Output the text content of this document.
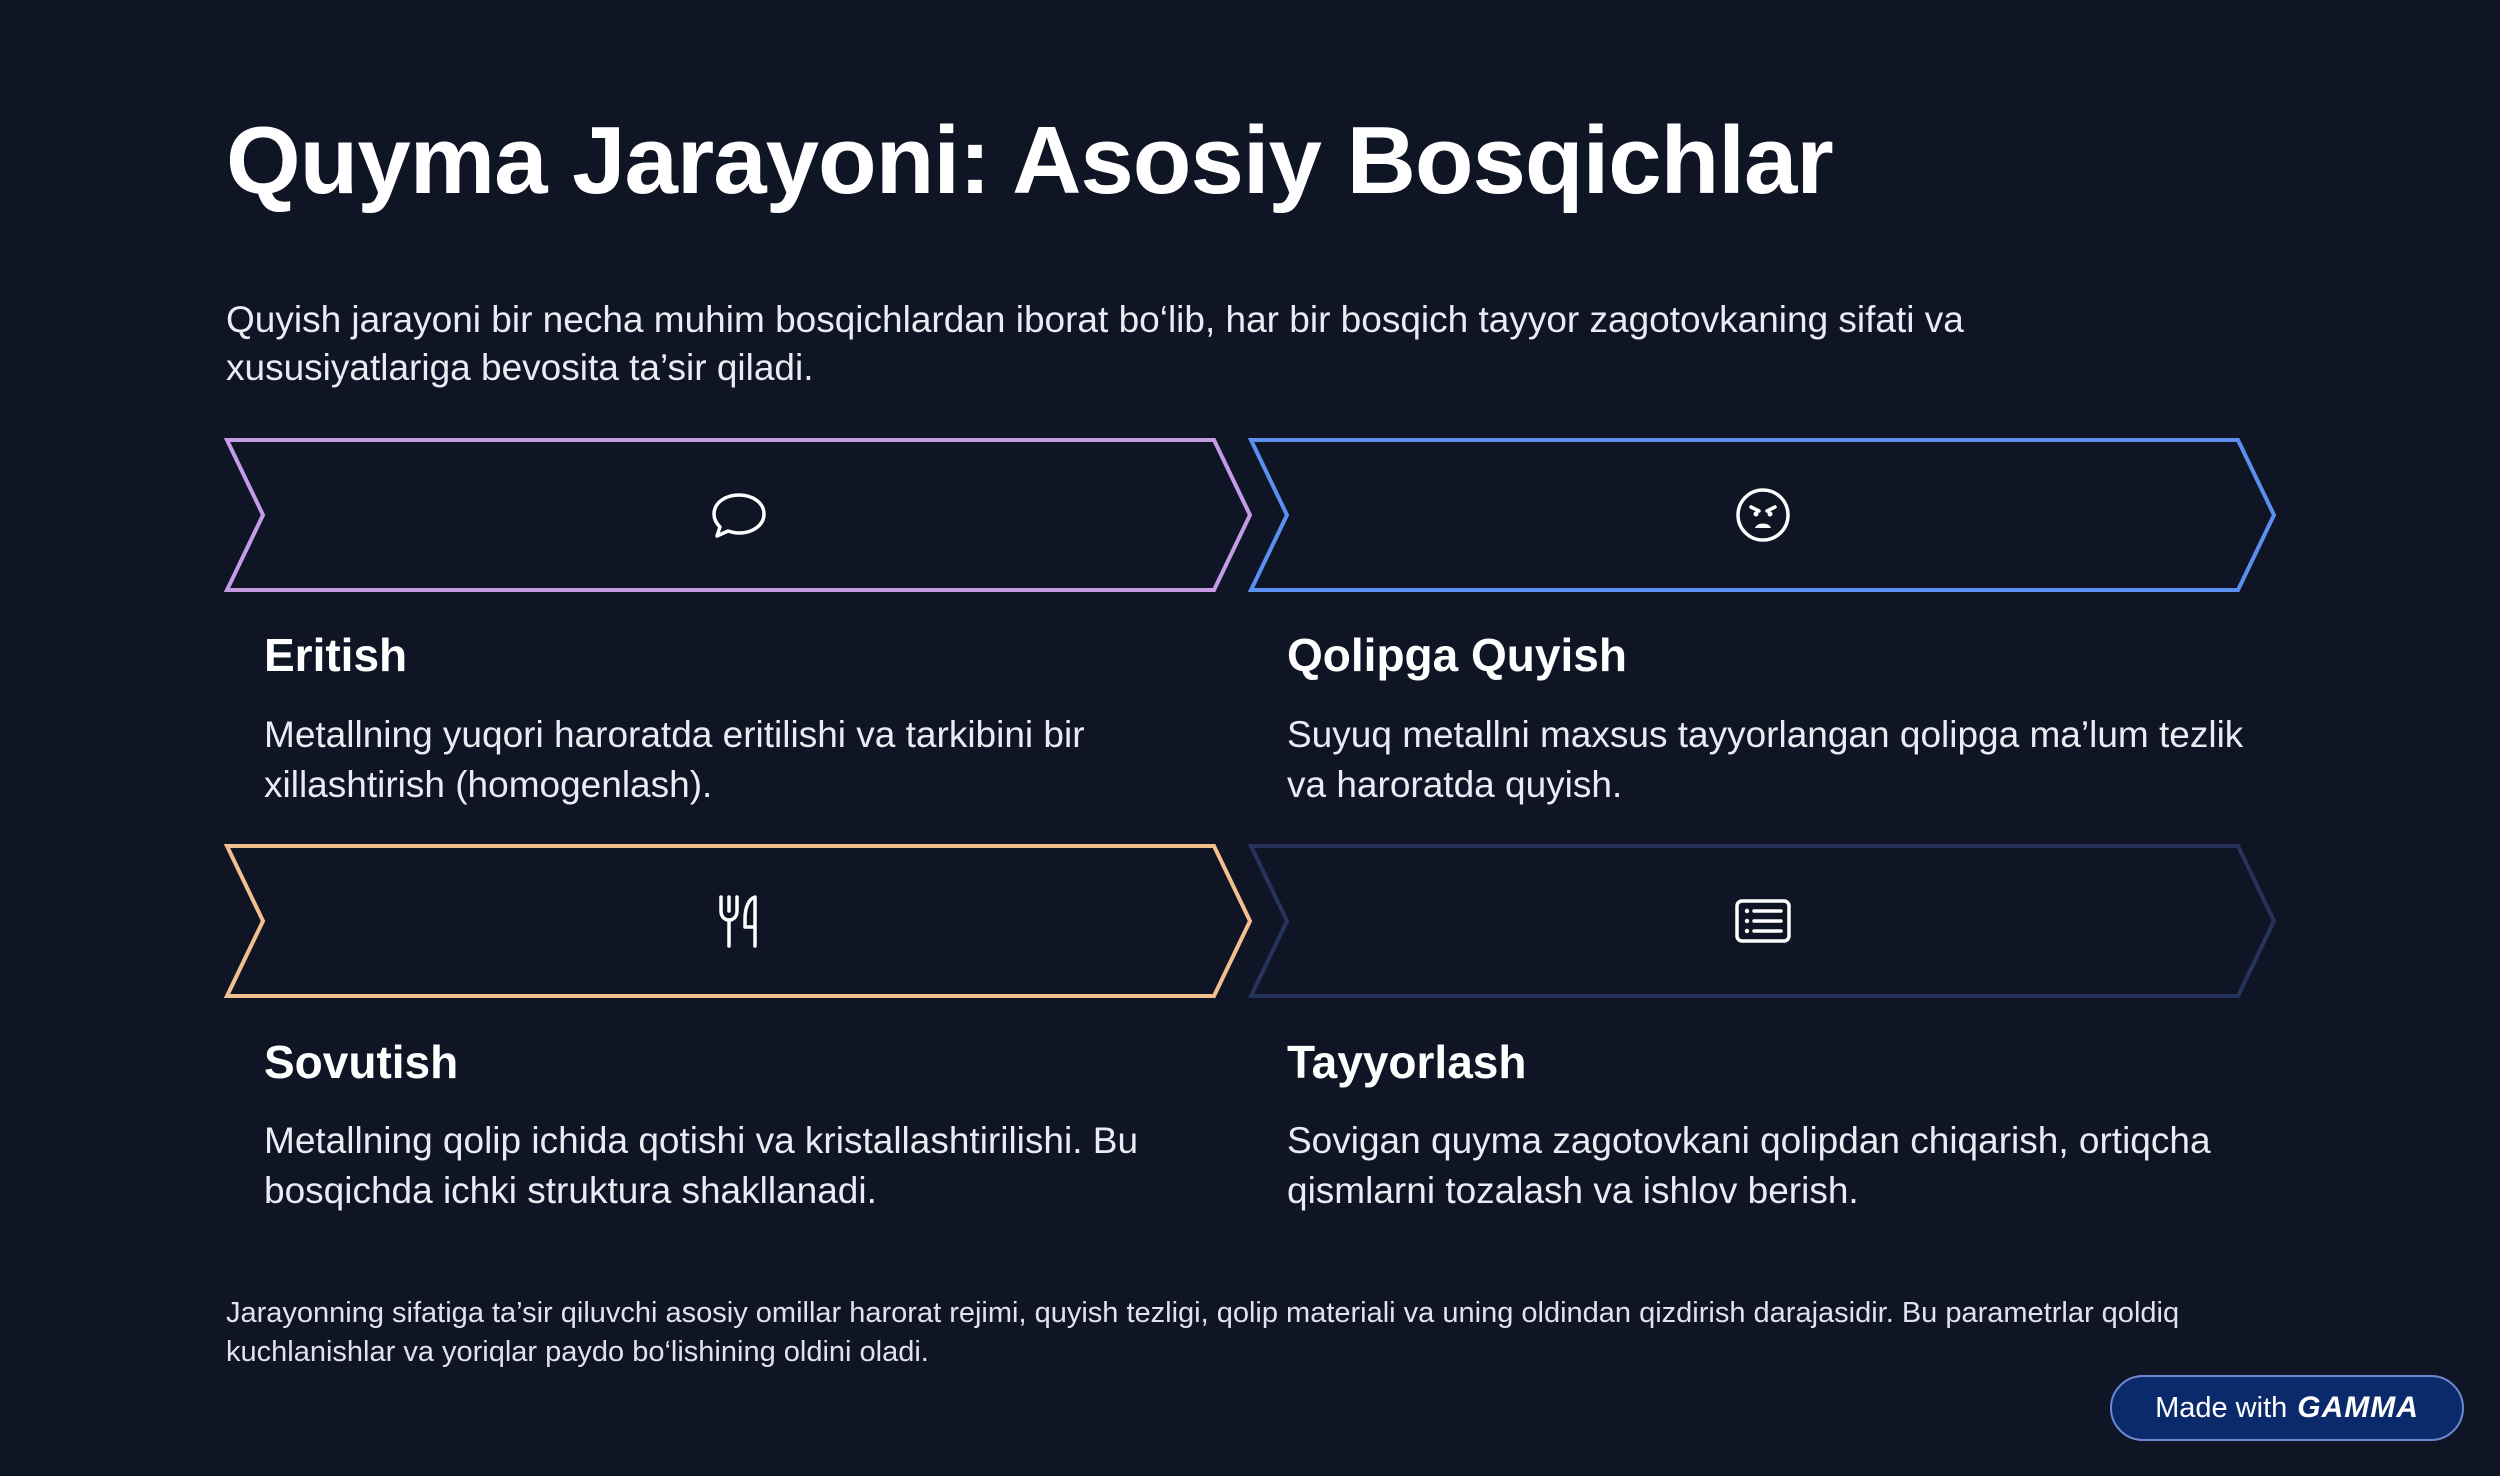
Quyma Jarayoni: Asosiy Bosqichlar

Quyish jarayoni bir necha muhim bosqichlardan iborat bo‘lib, har bir bosqich tayyor zagotovkaning sifati va xususiyatlariga bevosita ta’sir qiladi.

Eritish

Metallning yuqori haroratda eritilishi va tarkibini bir xillashtirish (homogenlash).

Qolipga Quyish

Suyuq metallni maxsus tayyorlangan qolipga ma’lum tezlik va haroratda quyish.

Sovutish

Metallning qolip ichida qotishi va kristallashtirilishi. Bu bosqichda ichki struktura shakllanadi.

Tayyorlash

Sovigan quyma zagotovkani qolipdan chiqarish, ortiqcha qismlarni tozalash va ishlov berish.

Jarayonning sifatiga ta’sir qiluvchi asosiy omillar harorat rejimi, quyish tezligi, qolip materiali va uning oldindan qizdirish darajasidir. Bu parametrlar qoldiq kuchlanishlar va yoriqlar paydo bo‘lishining oldini oladi.

Made with GAMMA
